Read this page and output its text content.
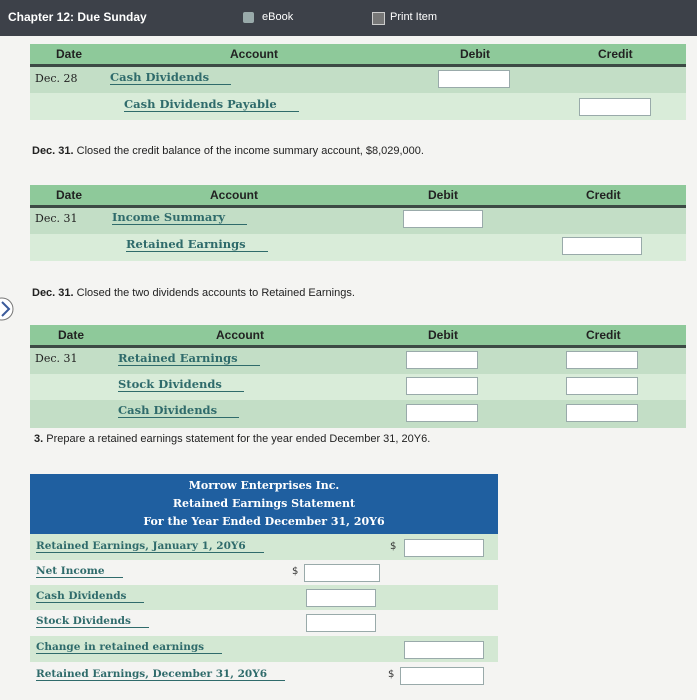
Chapter 12: Due Sunday	eBook	Print Item
Date	Account	Debit	Credit
Dec. 28	Cash Dividends
Cash Dividends Payable
Dec. 31. Closed the credit balance of the income summary account, $8,029,000.
Date	Account	Debit	Credit
Dec. 31	Income Summary
Retained Earnings
Dec. 31. Closed the two dividends accounts to Retained Earnings.
Date	Account	Debit	Credit
Dec. 31	Retained Earnings
Stock Dividends
Cash Dividends
3. Prepare a retained earnings statement for the year ended December 31, 20Y6.
Morrow Enterprises Inc.
Retained Earnings Statement
For the Year Ended December 31, 20Y6
Retained Earnings, January 1, 20Y6	$
Net Income	$
Cash Dividends
Stock Dividends
Change in retained earnings
Retained Earnings, December 31, 20Y6	$
